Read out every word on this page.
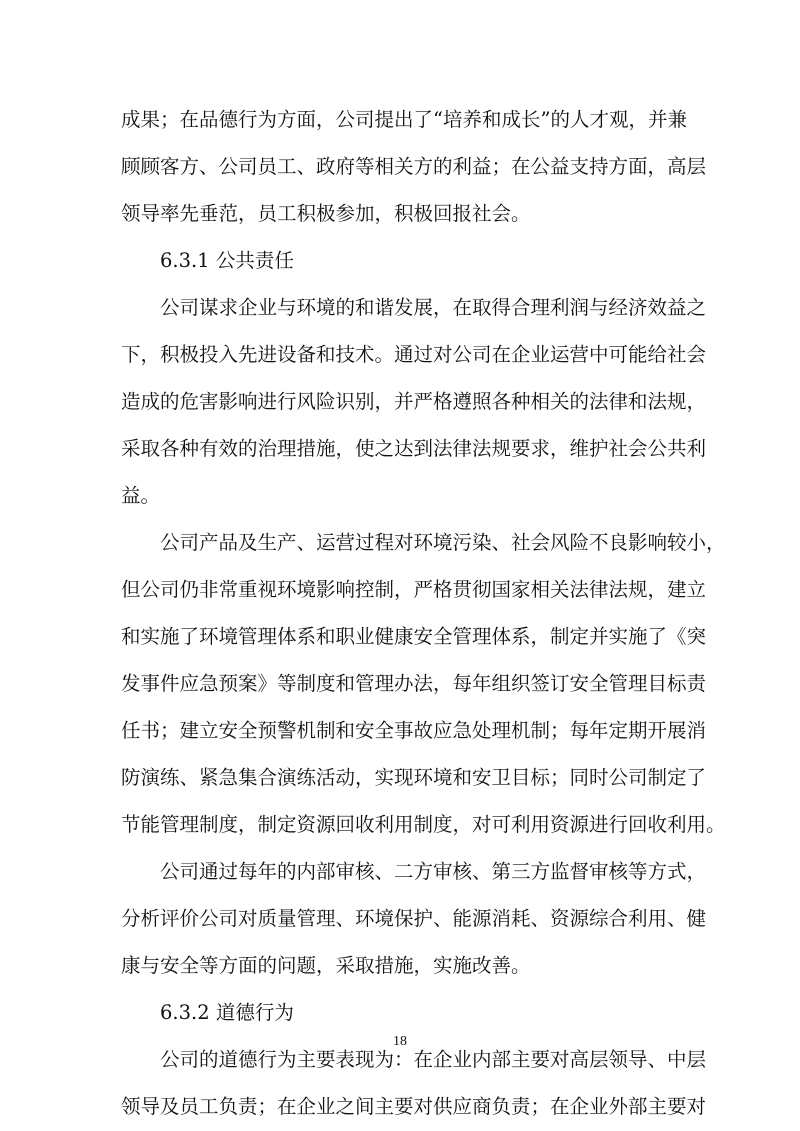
成果；在品德行为方面，公司提出了“培养和成长”的人才观，并兼
顾顾客方、公司员工、政府等相关方的利益；在公益支持方面，高层
领导率先垂范，员工积极参加，积极回报社会。
6.3.1 公共责任
公司谋求企业与环境的和谐发展，在取得合理利润与经济效益之
下，积极投入先进设备和技术。通过对公司在企业运营中可能给社会
造成的危害影响进行风险识别，并严格遵照各种相关的法律和法规，
采取各种有效的治理措施，使之达到法律法规要求，维护社会公共利
益。
公司产品及生产、运营过程对环境污染、社会风险不良影响较小，
但公司仍非常重视环境影响控制，严格贯彻国家相关法律法规，建立
和实施了环境管理体系和职业健康安全管理体系，制定并实施了《突
发事件应急预案》等制度和管理办法，每年组织签订安全管理目标责
任书；建立安全预警机制和安全事故应急处理机制；每年定期开展消
防演练、紧急集合演练活动，实现环境和安卫目标；同时公司制定了
节能管理制度，制定资源回收利用制度，对可利用资源进行回收利用。
公司通过每年的内部审核、二方审核、第三方监督审核等方式，
分析评价公司对质量管理、环境保护、能源消耗、资源综合利用、健
康与安全等方面的问题，采取措施，实施改善。
6.3.2 道德行为
公司的道德行为主要表现为：在企业内部主要对高层领导、中层
领导及员工负责；在企业之间主要对供应商负责；在企业外部主要对
18
